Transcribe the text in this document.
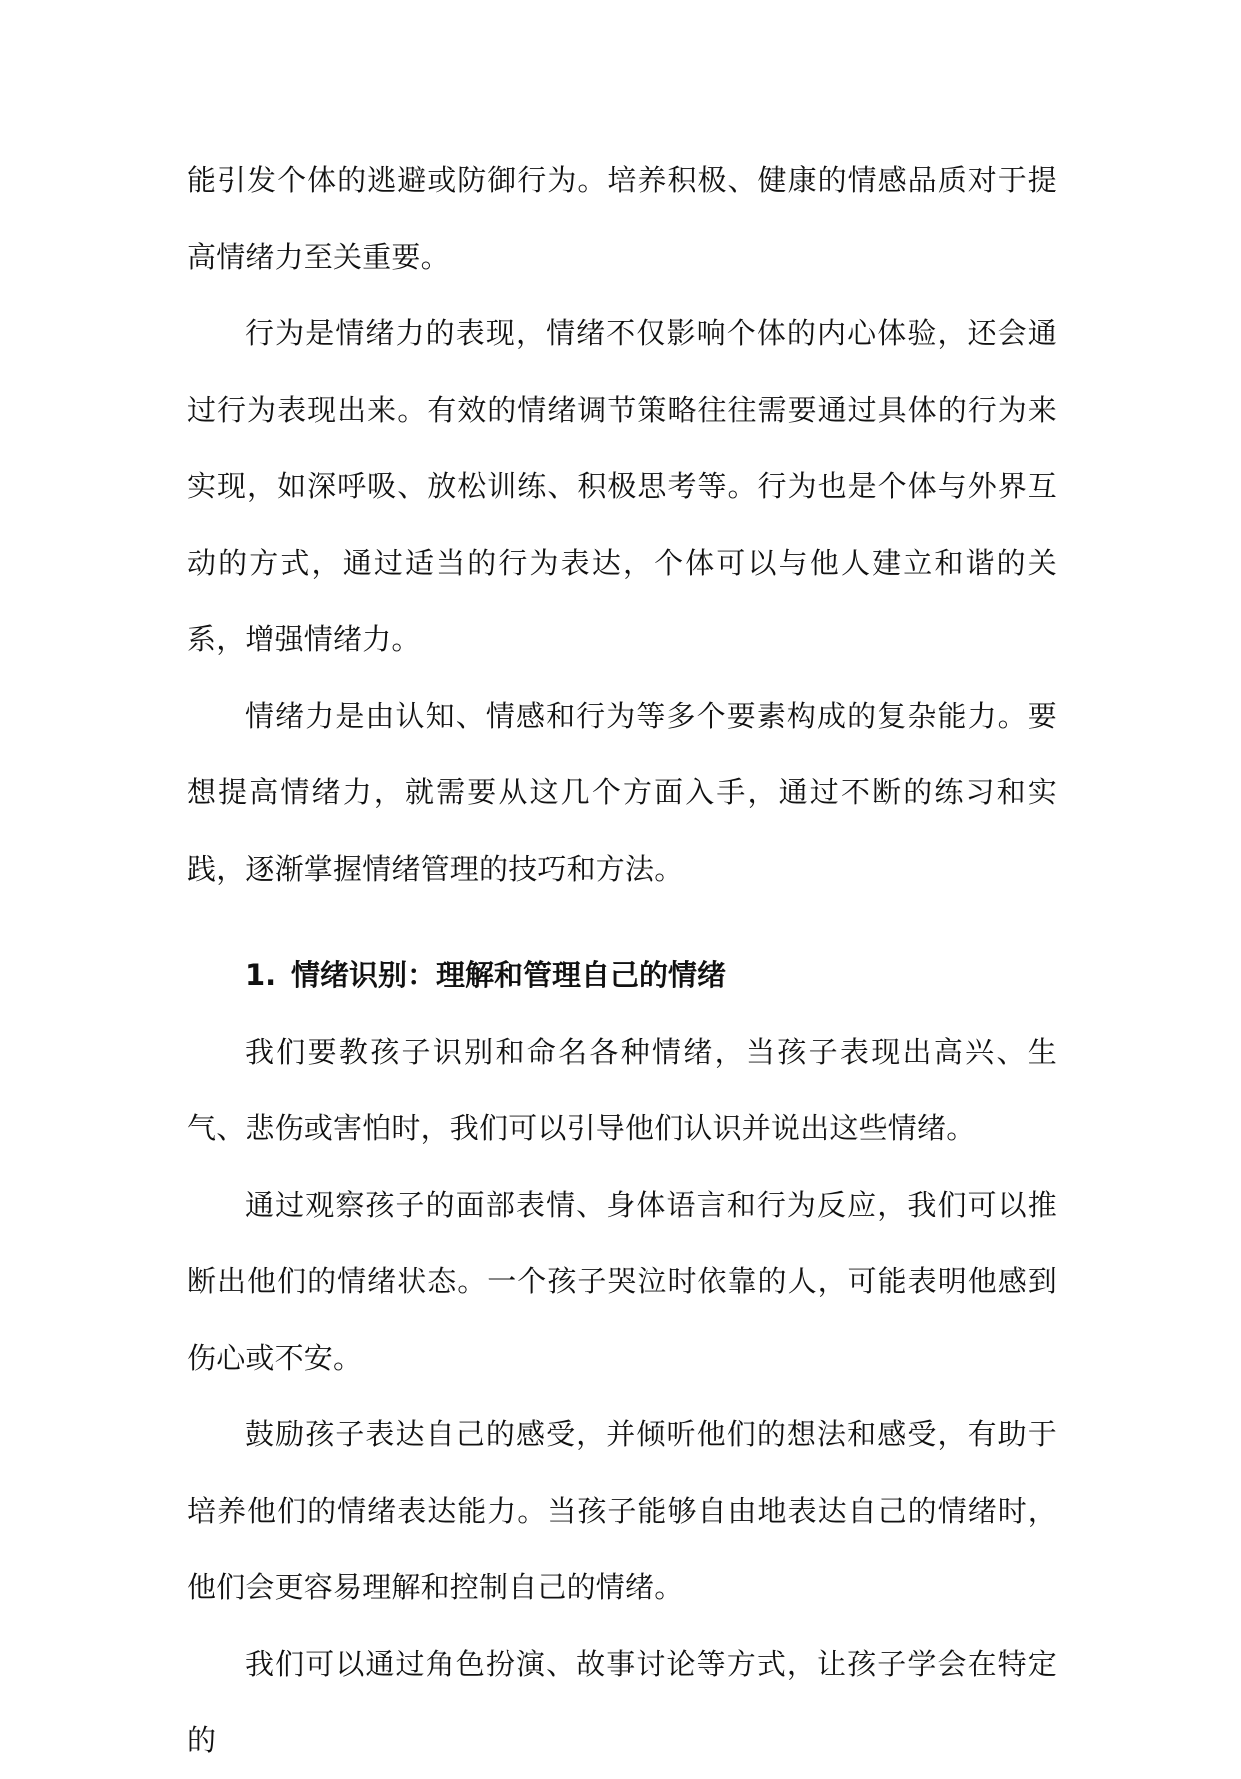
能引发个体的逃避或防御行为。培养积极、健康的情感品质对于提高情绪力至关重要。

行为是情绪力的表现，情绪不仅影响个体的内心体验，还会通过行为表现出来。有效的情绪调节策略往往需要通过具体的行为来实现，如深呼吸、放松训练、积极思考等。行为也是个体与外界互动的方式，通过适当的行为表达，个体可以与他人建立和谐的关系，增强情绪力。

情绪力是由认知、情感和行为等多个要素构成的复杂能力。要想提高情绪力，就需要从这几个方面入手，通过不断的练习和实践，逐渐掌握情绪管理的技巧和方法。

1. 情绪识别：理解和管理自己的情绪

我们要教孩子识别和命名各种情绪，当孩子表现出高兴、生气、悲伤或害怕时，我们可以引导他们认识并说出这些情绪。

通过观察孩子的面部表情、身体语言和行为反应，我们可以推断出他们的情绪状态。一个孩子哭泣时依靠的人，可能表明他感到伤心或不安。

鼓励孩子表达自己的感受，并倾听他们的想法和感受，有助于培养他们的情绪表达能力。当孩子能够自由地表达自己的情绪时，他们会更容易理解和控制自己的情绪。

我们可以通过角色扮演、故事讨论等方式，让孩子学会在特定的
